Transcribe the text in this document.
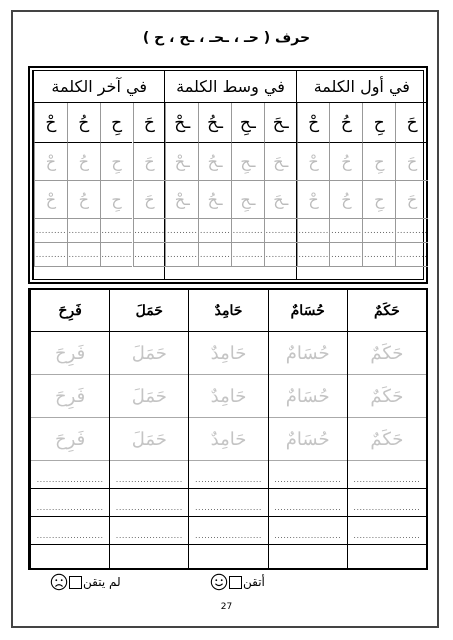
حرف ( حـ ، ـحـ ، ـح ، ح )
في أول الكلمة
حَ
حِ
حُ
حْ
حَ
حِ
حُ
حْ
حَ
حِ
حُ
حْ
..........
..........
..........
..........
..........
..........
..........
..........
في وسط الكلمة
ـحَ
ـحِ
ـحُ
ـحْ
ـحَ
ـحِ
ـحُ
ـحْ
ـحَ
ـحِ
ـحُ
ـحْ
..........
..........
..........
..........
..........
..........
..........
..........
في آخر الكلمة
حَ
حِ
حُ
حْ
حَ
حِ
حُ
حْ
حَ
حِ
حُ
حْ
..........
..........
..........
..........
..........
..........
..........
..........
حَكَمٌ
حَكَمٌ
حَكَمٌ
حَكَمٌ
......................
......................
......................
حُسَامٌ
حُسَامٌ
حُسَامٌ
حُسَامٌ
......................
......................
......................
حَامِدٌ
حَامِدٌ
حَامِدٌ
حَامِدٌ
......................
......................
......................
حَمَلَ
حَمَلَ
حَمَلَ
حَمَلَ
......................
......................
......................
فَرِحَ
فَرِحَ
فَرِحَ
فَرِحَ
......................
......................
......................
أتقن
لم يتقن
27
